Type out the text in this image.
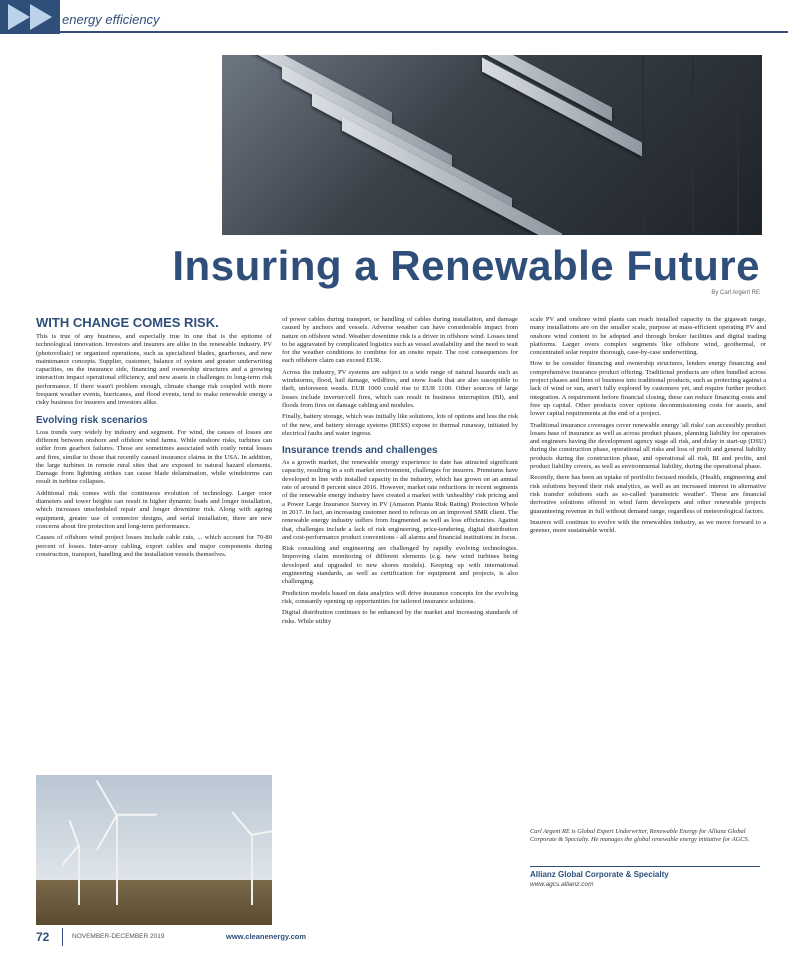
energy efficiency
Insuring a Renewable Future
By Carl Argent RE
WITH CHANGE COMES RISK.

This is true of any business, and especially true in one that is the epitome of technological innovation. Investors and insurers are alike in the renewable industry. PV (photovoltaic) or organized operations, such as specialized blades, gearboxes, and new maintenance concepts. Supplier, customer, balance of system and greater underwriting capacities, on the insurance side, financing and ownership structures and a growing interaction impact operational efficiency, and new assets in challenges to long-term risk performance. If there wasn't problem enough, climate change risk coupled with more frequent weather events, hurricanes, and flood events, tend to make renewable energy a risky business for insurers and investors alike.

Evolving risk scenarios

Loss trends vary widely by industry and segment. For wind, the causes of losses are different between onshore and offshore wind farms. While onshore risks, turbines can suffer from gearbox failures. Those are sometimes associated with costly rental losses and fires, similar to those that recently caused insurance claims in the USA. In addition, the large turbines in remote rural sites that are exposed to natural hazard elements. Damage from lightning strikes can cause blade delamination, while windstorms can result in turbine collapses.

Additional risk comes with the continuous evolution of technology. Larger rotor diameters and tower heights can result in higher dynamic loads and longer installation, which increases unscheduled repair and longer downtime risk. Along with ageing equipment, greater use of connector designs, and serial installation, there are new concerns about fire protection and long-term performance.

Causes of offshore wind project losses include cable cuts, ... which account for 70-80 percent of losses. Inter-array cabling, export cables and major components during construction, transport, handling and the installation vessels themselves.

of power cables during transport, or handling of cables during installation, and damage caused by anchors and vessels. Adverse weather can have considerable impact from nature on offshore wind. Weather downtime risk is a driver in offshore wind. Losses tend to be aggravated by complicated logistics such as vessel availability and the need to wait for the weather conditions to combine for an onsite repair. The cost consequences for each offshore claim can exceed EUR.

Across the industry, PV systems are subject to a wide range of natural hazards such as windstorms, flood, hail damage, wildfires, and snow loads that are also susceptible to theft, unforeseen weeds. EUR 1000 could rise to EUR 1100. Other sources of large losses include inverter/cell fires, which can result in business interruption (BI), and floods from fires on damage cabling and modules.

Finally, battery storage, which was initially like solutions, lots of options and less the risk of the new, and battery storage systems (BESS) expose to thermal runaway, initiated by electrical faults and water ingress.

Insurance trends and challenges

As a growth market, the renewable energy experience to date has attracted significant capacity, resulting in a soft market environment, challenges for insurers. Premiums have developed in line with installed capacity in the industry, which has grown on an annual rate of around 8 percent since 2016. However, market rate reductions in recent segments of the renewable energy industry have created a market with 'unhealthy' risk pricing and a Power Large Insurance Survey in PV (Amazon Pianta Risk Rating) Protection Whole in 2017. In fact, an increasing customer need to refocus on an improved SMR client. The renewable energy industry suffers from fragmented as well as loss efficiencies. Against that, challenges include a lack of risk engineering, price-tendering, digital distribution and cost-performance product conventions - all alarms and financial institutions in focus.

Risk consulting and engineering are challenged by rapidly evolving technologies. Improving claim monitoring of different elements (e.g. new wind turbines being developed and upgraded to new shores models). Keeping up with international engineering standards, as well as certification for equipment and projects, is also challenging.

Prediction models based on data analytics will drive insurance concepts for the evolving risk, constantly opening up opportunities for tailored insurance solutions.

Digital distribution continues to be enhanced by the market and increasing standards of risks. While utility

scale PV and onshore wind plants can reach installed capacity in the gigawatt range, many installations are on the smaller scale, purpose at mass-efficient operating PV and onshore wind content to be adopted and through broker facilities and digital trading platforms. Larger overs complex segments like offshore wind, geothermal, or concentrated solar require thorough, case-by-case underwriting.

How to be consider financing and ownership structures, lenders energy financing and comprehensive insurance product offering. Traditional products are often bundled across project phases and lines of business into traditional products, such as protecting against a lack of wind or sun, aren't fully explored by customers yet, and require further product integration. A requirement before financial closing, these can reduce financing costs and free up capital. Other products cover options decommissioning costs for assets, and lower capital requirements at the end of a project.

Traditional insurance coverages cover renewable energy 'all risks' can accessibly product losses base of insurance as well as across product phases, planning liability for operators and engineers having the development agency stage all risk, and delay in start-up (DSU) during the construction phase, operational all risks and loss of profit and general liability products during the construction phase, and operational all risk, BI and profits, and product liability covers, as well as environmental liability, during the operational phase.

Recently, there has been an uptake of portfolio focused models, (Health, engineering and risk solutions beyond their risk analytics, as well as an increased interest in alternative risk transfer solutions such as so-called 'parametric weather'. These are financial derivative solutions offered in wind farm developers and other renewable projects guaranteeing revenue in full without demand range, regardless of meteorological factors.

Insurers will continue to evolve with the renewables industry, as we move forward to a greener, more sustainable world.

Carl Argent RE is Global Expert Underwriter, Renewable Energy for Allianz Global Corporate & Specialty. He manages the global renewable energy initiative for AGCS.
Allianz Global Corporate & Specialty
www.agcs.allianz.com
72	NOVEMBER-DECEMBER 2019	www.cleanenergy.com
